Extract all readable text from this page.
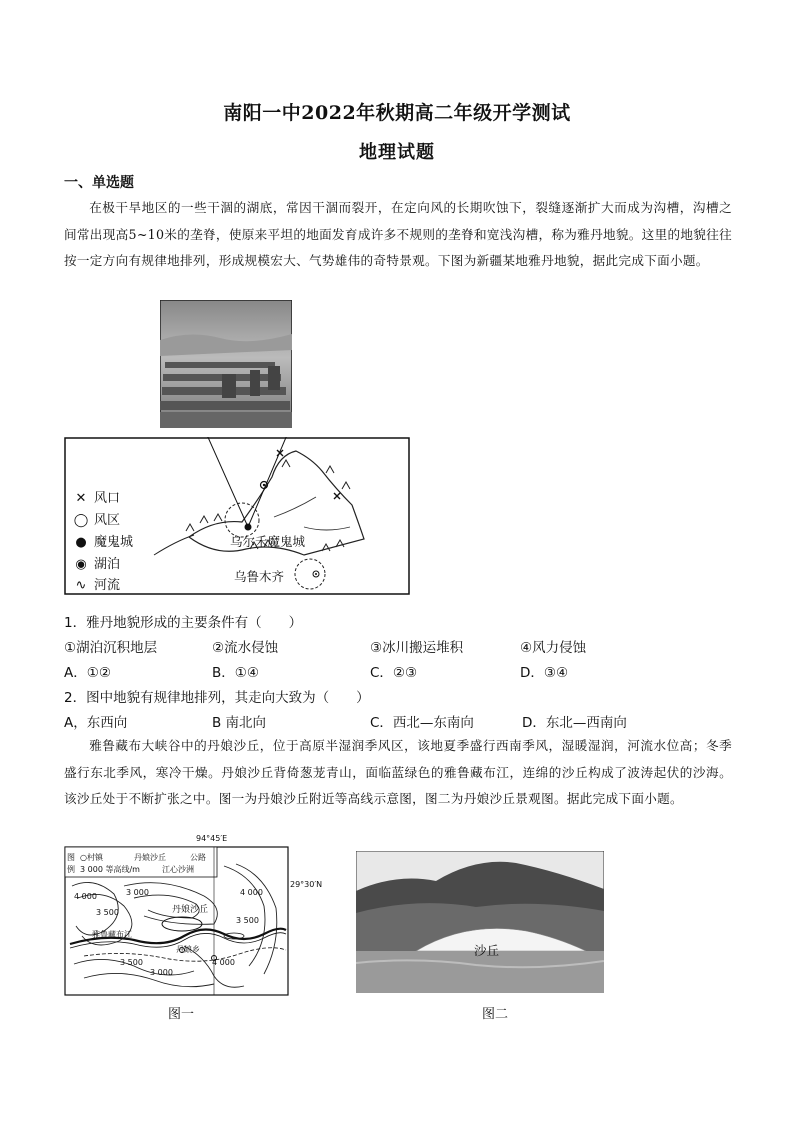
南阳一中2022年秋期高二年级开学测试
地理试题
一、单选题
在极干旱地区的一些干涸的湖底，常因干涸而裂开，在定向风的长期吹蚀下，裂缝逐渐扩大而成为沟槽，沟槽之间常出现高5~10米的垄脊，使原来平坦的地面发育成许多不规则的垄脊和宽浅沟槽，称为雅丹地貌。这里的地貌往往按一定方向有规律地排列，形成规模宏大、气势雄伟的奇特景观。下图为新疆某地雅丹地貌，据此完成下面小题。
✕ 风口
◯ 风区
● 魔鬼城
◉ 湖泊
∿ 河流
乌尔禾魔鬼城
乌鲁木齐
1．雅丹地貌形成的主要条件有（　　）
①湖泊沉积地层	②流水侵蚀	③冰川搬运堆积	④风力侵蚀
A．①②	B．①④	C．②③	D．③④
2．图中地貌有规律地排列，其走向大致为（　　）
A，东西向	B 南北向	C．西北—东南向	D．东北—西南向
雅鲁藏布大峡谷中的丹娘沙丘，位于高原半湿润季风区，该地夏季盛行西南季风，湿暖湿润，河流水位高；冬季盛行东北季风，寒冷干燥。丹娘沙丘背倚葱茏青山，面临蓝绿色的雅鲁藏布江，连绵的沙丘构成了波涛起伏的沙海。该沙丘处于不断扩张之中。图一为丹娘沙丘附近等高线示意图，图二为丹娘沙丘景观图。据此完成下面小题。
94°45′E
29°30′N
图
例
○村镇	丹娘沙丘	公路
3 000 等高线/m	江心沙洲
丹娘沙丘
丹娘乡
雅鲁藏布江
4 000
3 500
3 000	4 000
3 500
3 000
3 500	4 000
图一
沙丘
图二
